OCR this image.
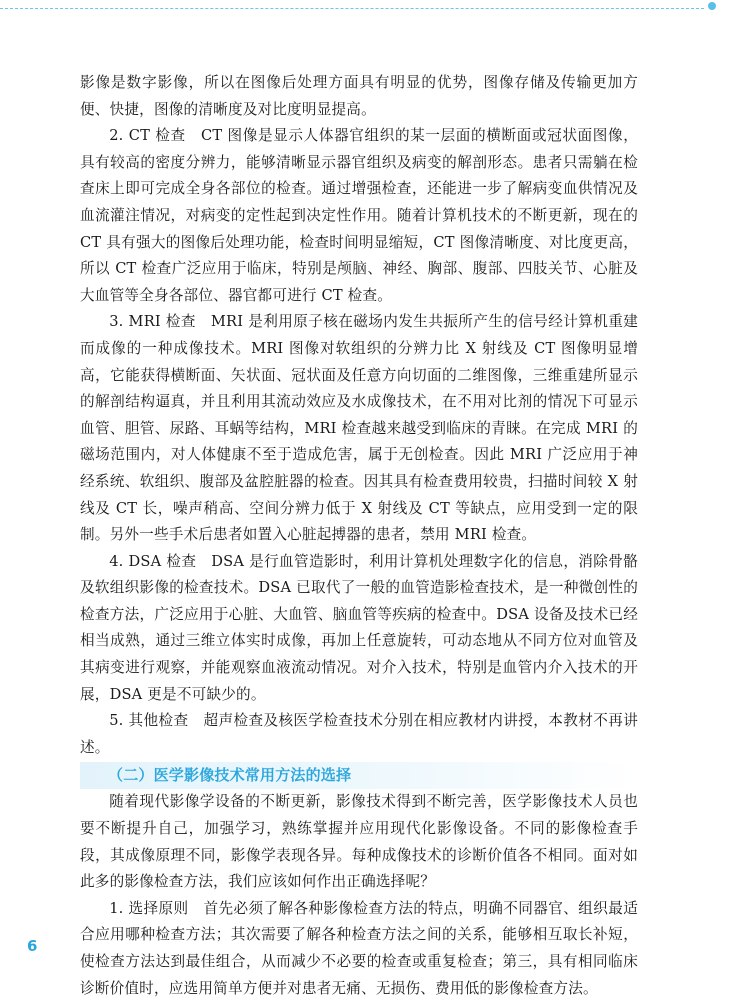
影像是数字影像，所以在图像后处理方面具有明显的优势，图像存储及传输更加方便、快捷，图像的清晰度及对比度明显提高。

2. CT 检查　CT 图像是显示人体器官组织的某一层面的横断面或冠状面图像，具有较高的密度分辨力，能够清晰显示器官组织及病变的解剖形态。患者只需躺在检查床上即可完成全身各部位的检查。通过增强检查，还能进一步了解病变血供情况及血流灌注情况，对病变的定性起到决定性作用。随着计算机技术的不断更新，现在的 CT 具有强大的图像后处理功能，检查时间明显缩短，CT 图像清晰度、对比度更高，所以 CT 检查广泛应用于临床，特别是颅脑、神经、胸部、腹部、四肢关节、心脏及大血管等全身各部位、器官都可进行 CT 检查。

3. MRI 检查　MRI 是利用原子核在磁场内发生共振所产生的信号经计算机重建而成像的一种成像技术。MRI 图像对软组织的分辨力比 X 射线及 CT 图像明显增高，它能获得横断面、矢状面、冠状面及任意方向切面的二维图像，三维重建所显示的解剖结构逼真，并且利用其流动效应及水成像技术，在不用对比剂的情况下可显示血管、胆管、尿路、耳蜗等结构，MRI 检查越来越受到临床的青睐。在完成 MRI 的磁场范围内，对人体健康不至于造成危害，属于无创检查。因此 MRI 广泛应用于神经系统、软组织、腹部及盆腔脏器的检查。因其具有检查费用较贵，扫描时间较 X 射线及 CT 长，噪声稍高、空间分辨力低于 X 射线及 CT 等缺点，应用受到一定的限制。另外一些手术后患者如置入心脏起搏器的患者，禁用 MRI 检查。

4. DSA 检查　DSA 是行血管造影时，利用计算机处理数字化的信息，消除骨骼及软组织影像的检查技术。DSA 已取代了一般的血管造影检查技术，是一种微创性的检查方法，广泛应用于心脏、大血管、脑血管等疾病的检查中。DSA 设备及技术已经相当成熟，通过三维立体实时成像，再加上任意旋转，可动态地从不同方位对血管及其病变进行观察，并能观察血液流动情况。对介入技术，特别是血管内介入技术的开展，DSA 更是不可缺少的。

5. 其他检查　超声检查及核医学检查技术分别在相应教材内讲授，本教材不再讲述。

（二）医学影像技术常用方法的选择

随着现代影像学设备的不断更新，影像技术得到不断完善，医学影像技术人员也要不断提升自己，加强学习，熟练掌握并应用现代化影像设备。不同的影像检查手段，其成像原理不同，影像学表现各异。每种成像技术的诊断价值各不相同。面对如此多的影像检查方法，我们应该如何作出正确选择呢？

1. 选择原则　首先必须了解各种影像检查方法的特点，明确不同器官、组织最适合应用哪种检查方法；其次需要了解各种检查方法之间的关系，能够相互取长补短，使检查方法达到最佳组合，从而减少不必要的检查或重复检查；第三，具有相同临床诊断价值时，应选用简单方便并对患者无痛、无损伤、费用低的影像检查方法。

6
